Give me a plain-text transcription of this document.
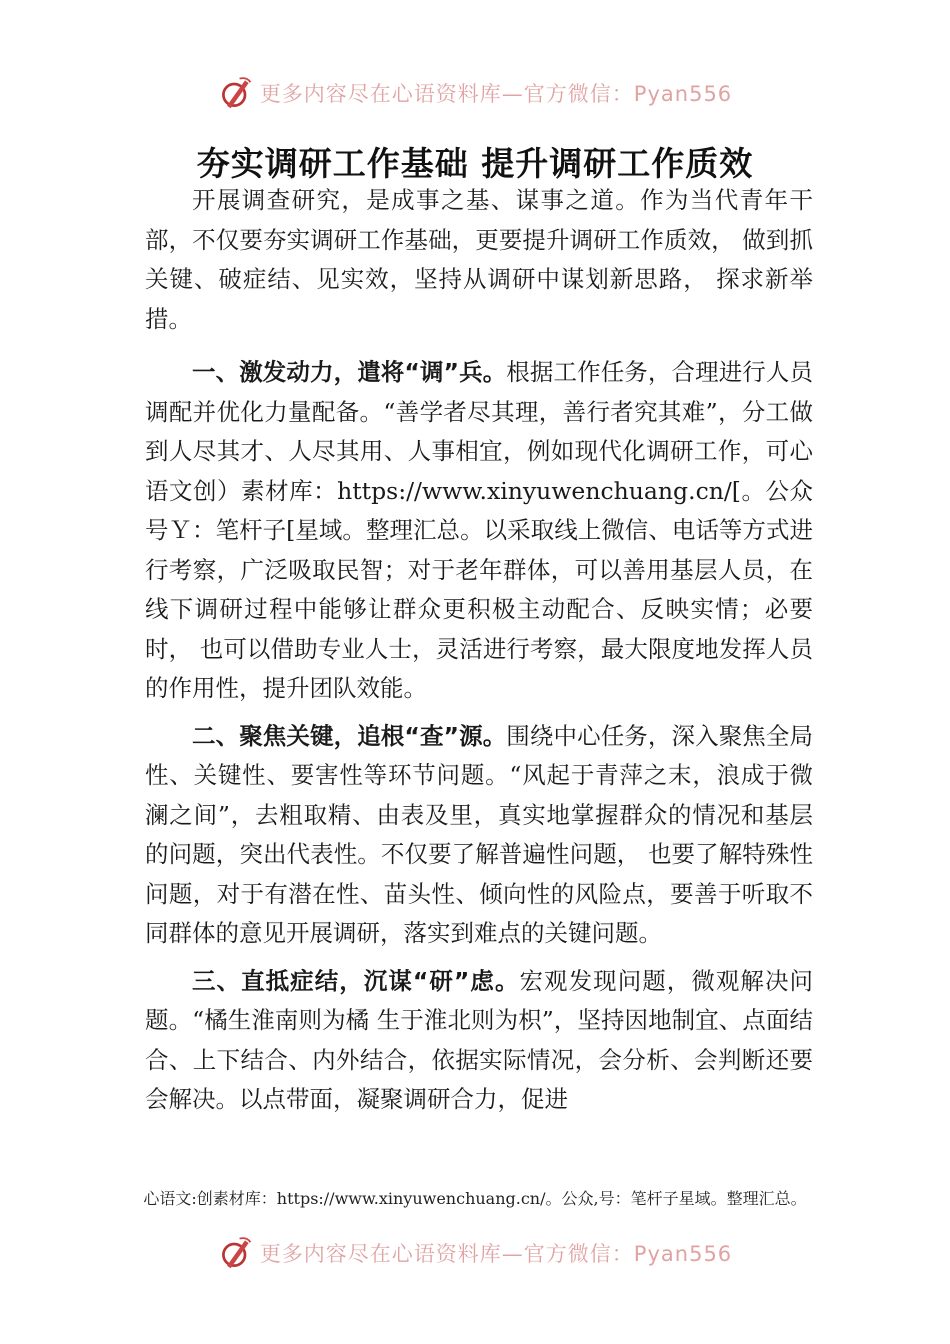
更多内容尽在心语资料库—官方微信：Pyan556
夯实调研工作基础 提升调研工作质效

开展调查研究，是成事之基、谋事之道。作为当代青年干部，不仅要夯实调研工作基础，更要提升调研工作质效， 做到抓关键、破症结、见实效，坚持从调研中谋划新思路， 探求新举措。

一、激发动力，遣将“调”兵。根据工作任务，合理进行人员调配并优化力量配备。“善学者尽其理，善行者究其难”，分工做到人尽其才、人尽其用、人事相宜，例如现代化调研工作，可心语文创）素材库：https://www.xinyuwenchuang.cn/[。公众号Ｙ：笔杆子[星域。整理汇总。以采取线上微信、电话等方式进行考察，广泛吸取民智；对于老年群体，可以善用基层人员，在线下调研过程中能够让群众更积极主动配合、反映实情；必要时， 也可以借助专业人士，灵活进行考察，最大限度地发挥人员的作用性，提升团队效能。

二、聚焦关键，追根“查”源。围绕中心任务，深入聚焦全局性、关键性、要害性等环节问题。“风起于青萍之末，浪成于微澜之间”，去粗取精、由表及里，真实地掌握群众的情况和基层的问题，突出代表性。不仅要了解普遍性问题， 也要了解特殊性问题，对于有潜在性、苗头性、倾向性的风险点，要善于听取不同群体的意见开展调研，落实到难点的关键问题。

三、直抵症结，沉谋“研”虑。宏观发现问题，微观解决问题。“橘生淮南则为橘 生于淮北则为枳”，坚持因地制宜、点面结合、上下结合、内外结合，依据实际情况，会分析、会判断还要会解决。以点带面，凝聚调研合力，促进

心语文:创素材库：https://www.xinyuwenchuang.cn/。公众,号：笔杆子星域。整理汇总。
更多内容尽在心语资料库—官方微信：Pyan556
